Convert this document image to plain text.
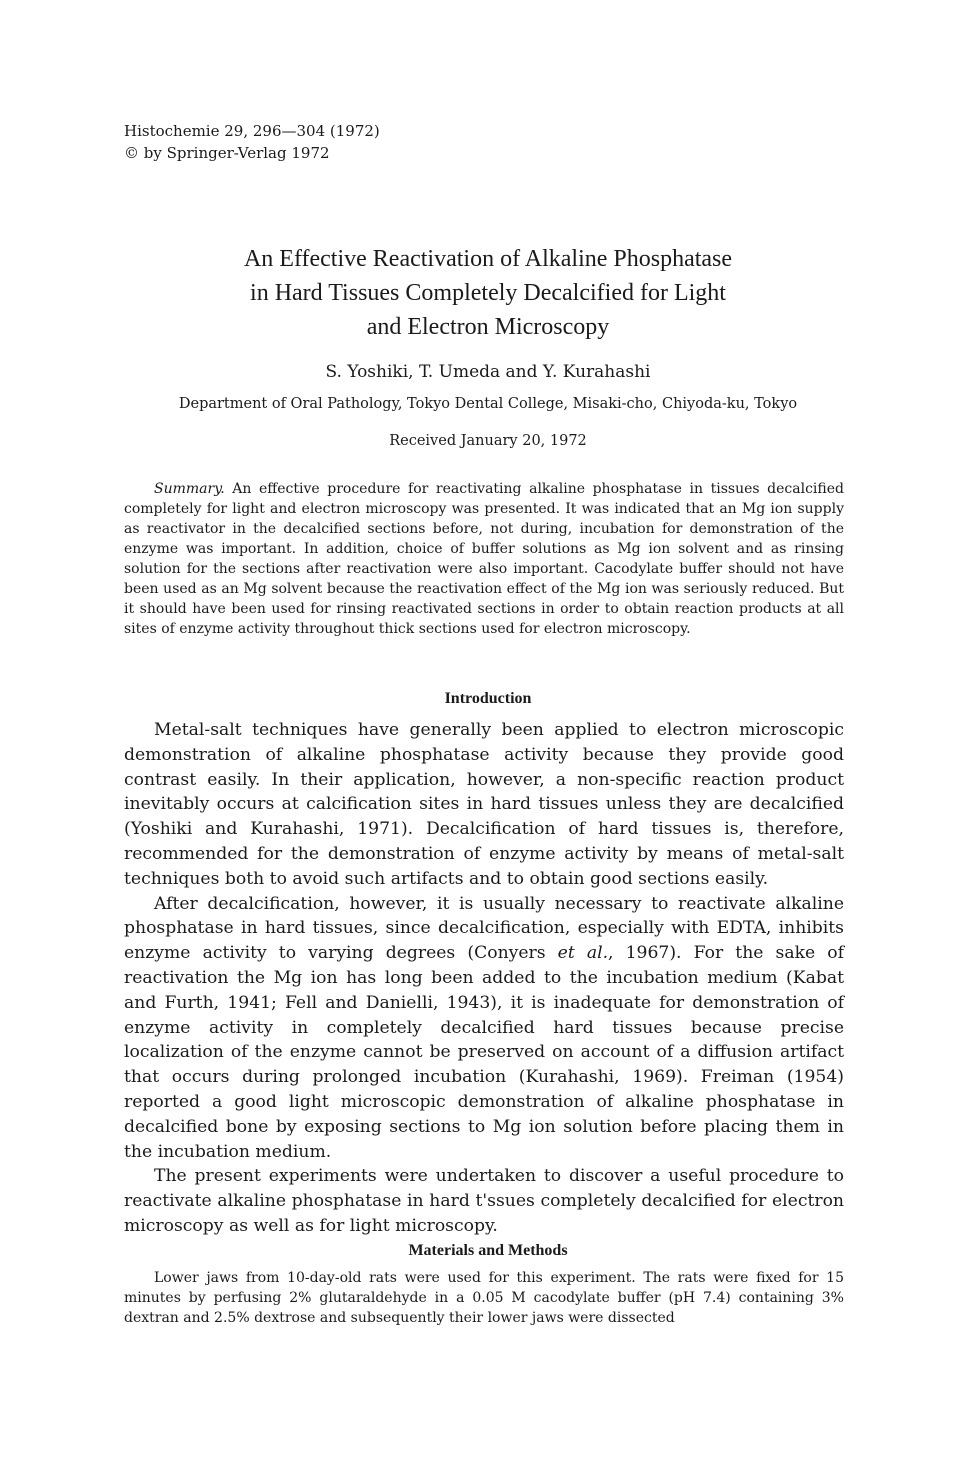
Histochemie 29, 296—304 (1972)
© by Springer-Verlag 1972
An Effective Reactivation of Alkaline Phosphatase
in Hard Tissues Completely Decalcified for Light
and Electron Microscopy
S. Yoshiki, T. Umeda and Y. Kurahashi
Department of Oral Pathology, Tokyo Dental College, Misaki-cho, Chiyoda-ku, Tokyo
Received January 20, 1972

Summary. An effective procedure for reactivating alkaline phosphatase in tissues decalcified completely for light and electron microscopy was presented. It was indicated that an Mg ion supply as reactivator in the decalcified sections before, not during, incubation for demonstration of the enzyme was important. In addition, choice of buffer solutions as Mg ion solvent and as rinsing solution for the sections after reactivation were also important. Cacodylate buffer should not have been used as an Mg solvent because the reactivation effect of the Mg ion was seriously reduced. But it should have been used for rinsing reactivated sections in order to obtain reaction products at all sites of enzyme activity throughout thick sections used for electron microscopy.

Introduction

Metal-salt techniques have generally been applied to electron microscopic demonstration of alkaline phosphatase activity because they provide good contrast easily. In their application, however, a non-specific reaction product inevitably occurs at calcification sites in hard tissues unless they are decalcified (Yoshiki and Kurahashi, 1971). Decalcification of hard tissues is, therefore, recommended for the demonstration of enzyme activity by means of metal-salt techniques both to avoid such artifacts and to obtain good sections easily.

After decalcification, however, it is usually necessary to reactivate alkaline phosphatase in hard tissues, since decalcification, especially with EDTA, inhibits enzyme activity to varying degrees (Conyers et al., 1967). For the sake of reactivation the Mg ion has long been added to the incubation medium (Kabat and Furth, 1941; Fell and Danielli, 1943), it is inadequate for demonstration of enzyme activity in completely decalcified hard tissues because precise localization of the enzyme cannot be preserved on account of a diffusion artifact that occurs during prolonged incubation (Kurahashi, 1969). Freiman (1954) reported a good light microscopic demonstration of alkaline phosphatase in decalcified bone by exposing sections to Mg ion solution before placing them in the incubation medium.

The present experiments were undertaken to discover a useful procedure to reactivate alkaline phosphatase in hard t'ssues completely decalcified for electron microscopy as well as for light microscopy.

Materials and Methods

Lower jaws from 10-day-old rats were used for this experiment. The rats were fixed for 15 minutes by perfusing 2% glutaraldehyde in a 0.05 M cacodylate buffer (pH 7.4) containing 3% dextran and 2.5% dextrose and subsequently their lower jaws were dissected
